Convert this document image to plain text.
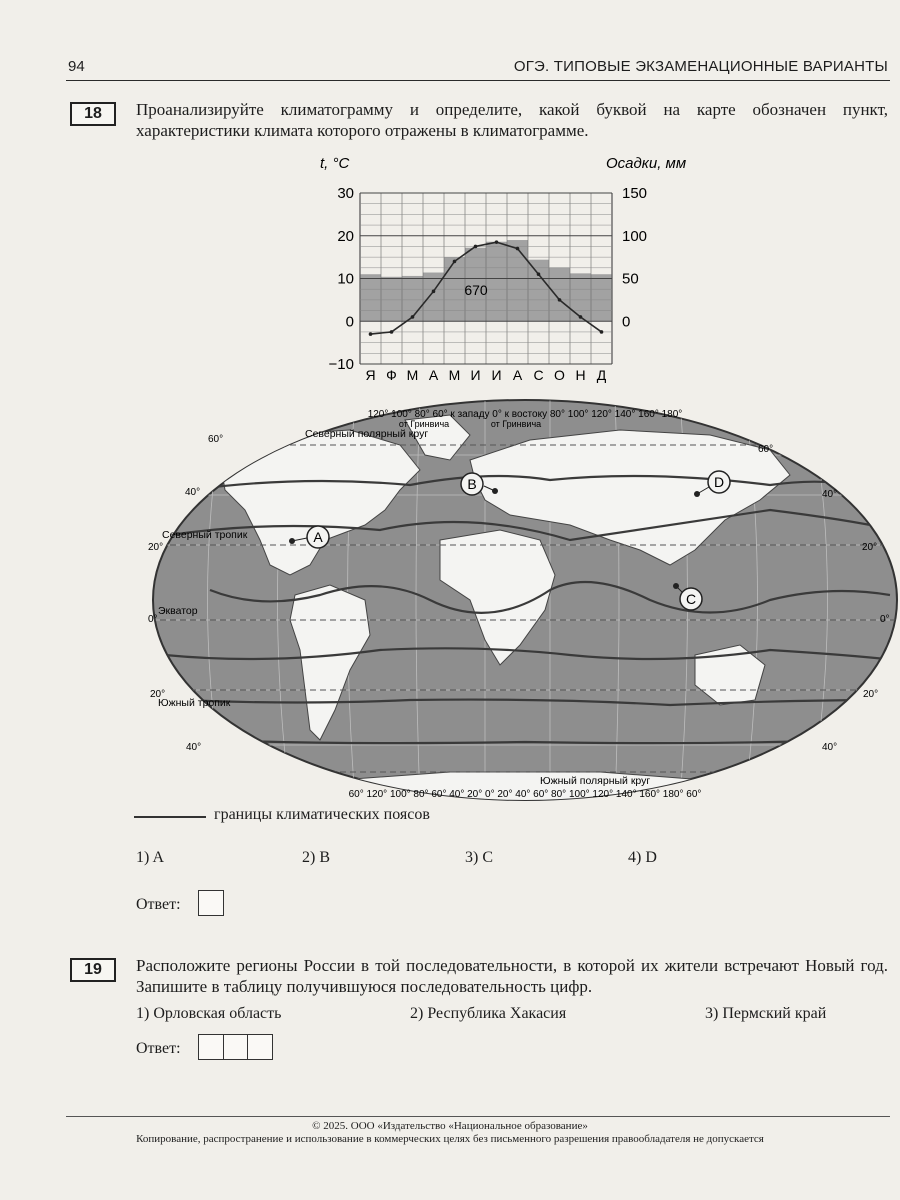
94	ОГЭ. ТИПОВЫЕ ЭКЗАМЕНАЦИОННЫЕ ВАРИАНТЫ
18	Проанализируйте климатограмму и определите, какой буквой на карте обозначен пункт, характеристики климата которого отражены в климатограмме.
t, °C	Осадки, мм
30
20
10
0
−10
150
100
50
0
Я Ф М А М И И А С О Н Д
670
120° 100° 80° 60° к западу 0° к востоку 80° 100° 120° 140° 160° 180°
от Гринвича	от Гринвича
Северный полярный круг
Северный тропик
Экватор
Южный тропик
Южный полярный круг
60° 120° 100° 80° 60° 40° 20° 0° 20° 40° 60° 80° 100° 120° 140° 160° 180° 60°
60°
60°
40°	40°
20°	20°
0°	0°
20°	20°
40°	40°
A
B
C
D
границы климатических поясов
1) A	2) B	3) C	4) D
Ответ:
19	Расположите регионы России в той последовательности, в которой их жители встречают Новый год. Запишите в таблицу получившуюся последовательность цифр.
1) Орловская область	2) Республика Хакасия	3) Пермский край
Ответ:
© 2025. ООО «Издательство «Национальное образование»
Копирование, распространение и использование в коммерческих целях без письменного разрешения правообладателя не допускается
